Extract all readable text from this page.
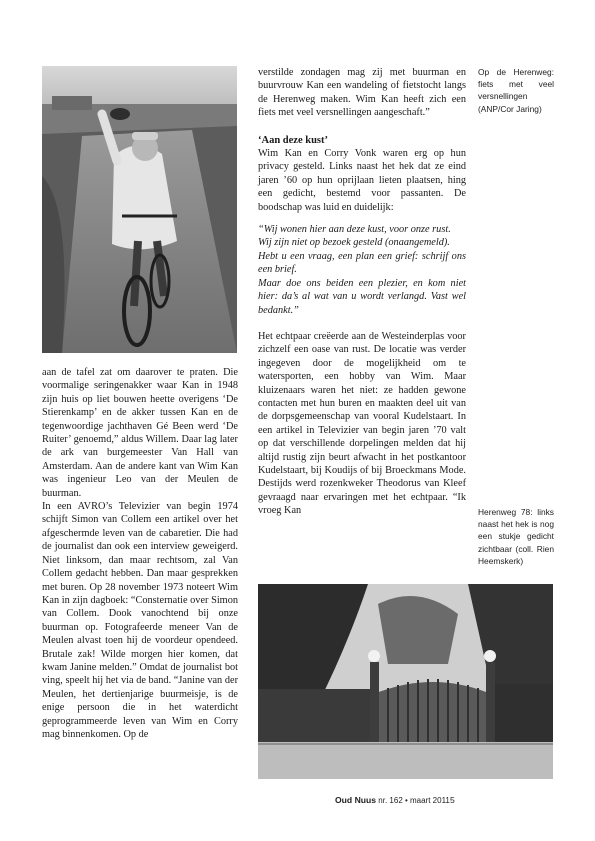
Op de Herenweg: fiets met veel versnellingen (ANP/Cor Jaring)

verstilde zondagen mag zij met buurman en buurvrouw Kan een wandeling of fietstocht langs de Herenweg maken. Wim Kan heeft zich een fiets met veel versnellingen aangeschaft.”

‘Aan deze kust’

Wim Kan en Corry Vonk waren erg op hun privacy gesteld. Links naast het hek dat ze eind jaren ’60 op hun oprijlaan lieten plaatsen, hing een gedicht, bestemd voor passanten. De boodschap was luid en duidelijk:

“Wij wonen hier aan deze kust, voor onze rust.
Wij zijn niet op bezoek gesteld (onaangemeld).
Hebt u een vraag, een plan een grief: schrijf ons een brief.
Maar doe ons beiden een plezier, en kom niet hier: da’s al wat van u wordt verlangd. Vast wel bedankt.”

Het echtpaar creëerde aan de Westeinderplas voor zichzelf een oase van rust. De locatie was verder ingegeven door de mogelijkheid om te watersporten, een hobby van Wim. Maar kluizenaars waren het niet: ze hadden gewone contacten met hun buren en maakten deel uit van de dorpsgemeenschap van vooral Kudelstaart. In een artikel in Televizier van begin jaren ’70 valt op dat verschillende dorpelingen melden dat hij altijd rustig zijn beurt afwacht in het postkantoor Kudelstaart, bij Koudijs of bij Broeckmans Mode. Destijds werd rozenkweker Theodorus van Kleef gevraagd naar ervaringen met het echtpaar. “Ik vroeg Kan

aan de tafel zat om daarover te praten. Die voormalige seringenakker waar Kan in 1948 zijn huis op liet bouwen heette overigens ‘De Stierenkamp’ en de akker tussen Kan en de tegenwoordige jachthaven Gé Been werd ‘De Ruiter’ genoemd,” aldus Willem. Daar lag later de ark van burgemeester Van Hall van Amsterdam. Aan de andere kant van Wim Kan was ingenieur Leo van der Meulen de buurman.

In een AVRO’s Televizier van begin 1974 schijft Simon van Collem een artikel over het afgeschermde leven van de cabaretier. Die had de journalist dan ook een interview geweigerd. Niet linksom, dan maar rechtsom, zal Van Collem gedacht hebben. Dan maar gesprekken met buren. Op 28 november 1973 noteert Wim Kan in zijn dagboek: “Consternatie over Simon van Collem. Dook vanochtend bij onze buurman op. Fotografeerde meneer Van de Meulen alvast toen hij de voordeur opendeed. Brutale zak! Wilde morgen hier komen, dat kwam Janine melden.” Omdat de journalist bot ving, speelt hij het via de band. “Janine van der Meulen, het dertienjarige buurmeisje, is de enige persoon die in het waterdicht geprogrammeerde leven van Wim en Corry mag binnenkomen. Op de

Herenweg 78: links naast het hek is nog een stukje gedicht zichtbaar (coll. Rien Heemskerk)
Oud Nuus nr. 162 • maart 2011 5
